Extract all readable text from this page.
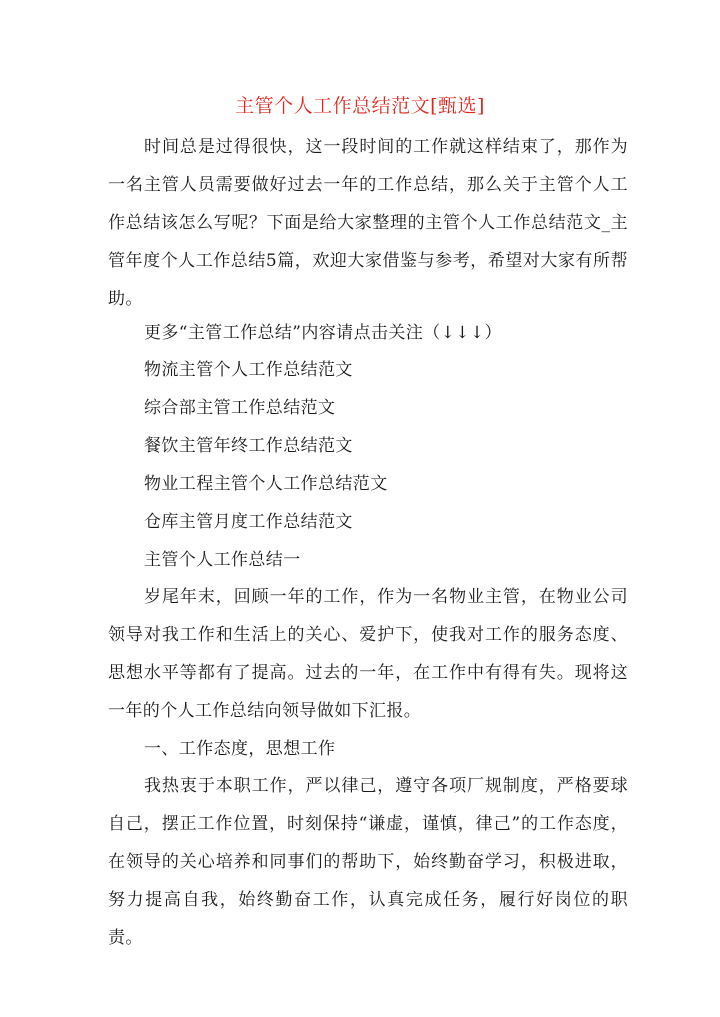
主管个人工作总结范文[甄选]

时间总是过得很快，这一段时间的工作就这样结束了，那作为一名主管人员需要做好过去一年的工作总结，那么关于主管个人工作总结该怎么写呢？下面是给大家整理的主管个人工作总结范文_主管年度个人工作总结5篇，欢迎大家借鉴与参考，希望对大家有所帮助。

更多“主管工作总结”内容请点击关注（↓↓↓）
物流主管个人工作总结范文
综合部主管工作总结范文
餐饮主管年终工作总结范文
物业工程主管个人工作总结范文
仓库主管月度工作总结范文
主管个人工作总结一

岁尾年末，回顾一年的工作，作为一名物业主管，在物业公司领导对我工作和生活上的关心、爱护下，使我对工作的服务态度、思想水平等都有了提高。过去的一年，在工作中有得有失。现将这一年的个人工作总结向领导做如下汇报。

一、工作态度，思想工作

我热衷于本职工作，严以律己，遵守各项厂规制度，严格要球自己，摆正工作位置，时刻保持“谦虚，谨慎，律己”的工作态度，在领导的关心培养和同事们的帮助下，始终勤奋学习，积极进取，努力提高自我，始终勤奋工作，认真完成任务，履行好岗位的职责。
